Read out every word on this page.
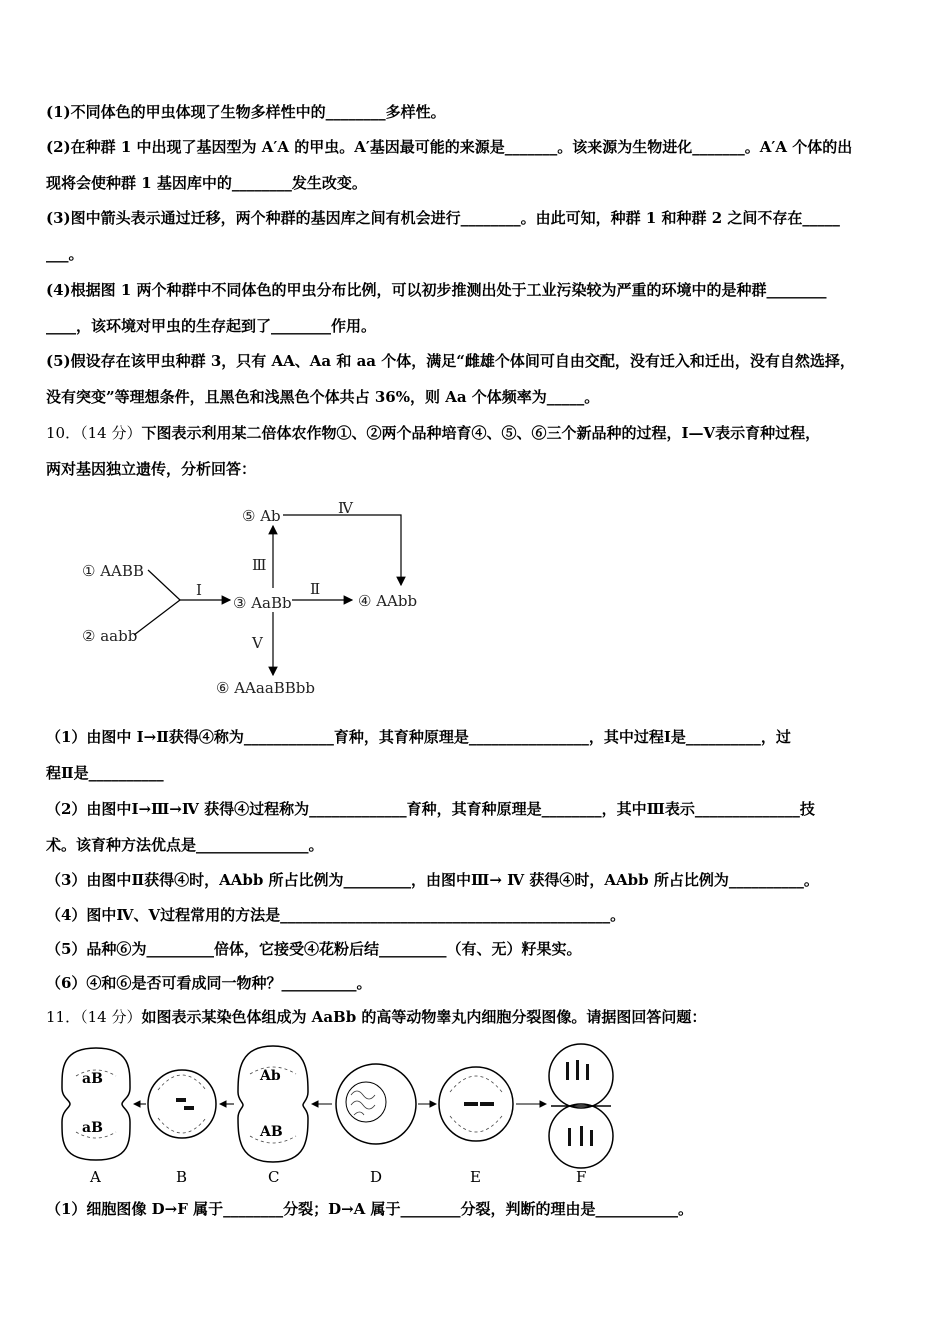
(1)不同体色的甲虫体现了生物多样性中的________多样性。
(2)在种群 1 中出现了基因型为 A′A 的甲虫。A′基因最可能的来源是_______。该来源为生物进化_______。A′A 个体的出
现将会使种群 1 基因库中的________发生改变。
(3)图中箭头表示通过迁移，两个种群的基因库之间有机会进行________。由此可知，种群 1 和种群 2 之间不存在_____
___。
(4)根据图 1 两个种群中不同体色的甲虫分布比例，可以初步推测出处于工业污染较为严重的环境中的是种群________
____，该环境对甲虫的生存起到了________作用。
(5)假设存在该甲虫种群 3，只有 AA、Aa 和 aa 个体，满足“雌雄个体间可自由交配，没有迁入和迁出，没有自然选择，
没有突变”等理想条件，且黑色和浅黑色个体共占 36%，则 Aa 个体频率为_____。
10．（14 分）下图表示利用某二倍体农作物①、②两个品种培育④、⑤、⑥三个新品种的过程，Ⅰ—Ⅴ表示育种过程，
两对基因独立遗传，分析回答：
① AABB
② aabb
③ AaBb	④ AAbb
⑤ Ab
⑥ AAaaBBbb
Ⅰ	Ⅱ
Ⅲ
Ⅳ
Ⅴ
（1）由图中 Ⅰ→Ⅱ获得④称为____________育种，其育种原理是________________，其中过程Ⅰ是__________，过
程Ⅱ是__________
（2）由图中Ⅰ→Ⅲ→Ⅳ 获得④过程称为_____________育种，其育种原理是________，其中Ⅲ表示______________技
术。该育种方法优点是_______________。
（3）由图中Ⅱ获得④时，AAbb 所占比例为_________，由图中Ⅲ→ Ⅳ 获得④时，AAbb 所占比例为__________。
（4）图中Ⅳ、Ⅴ过程常用的方法是____________________________________________。
（5）品种⑥为_________倍体，它接受④花粉后结_________（有、无）籽果实。
（6）④和⑥是否可看成同一物种？__________。
11．（14 分）如图表示某染色体组成为 AaBb 的高等动物睾丸内细胞分裂图像。请据图回答问题：
aB
aB
Ab
AB
A	B	C	D	E	F
（1）细胞图像 D→F 属于________分裂；D→A 属于________分裂，判断的理由是___________。
